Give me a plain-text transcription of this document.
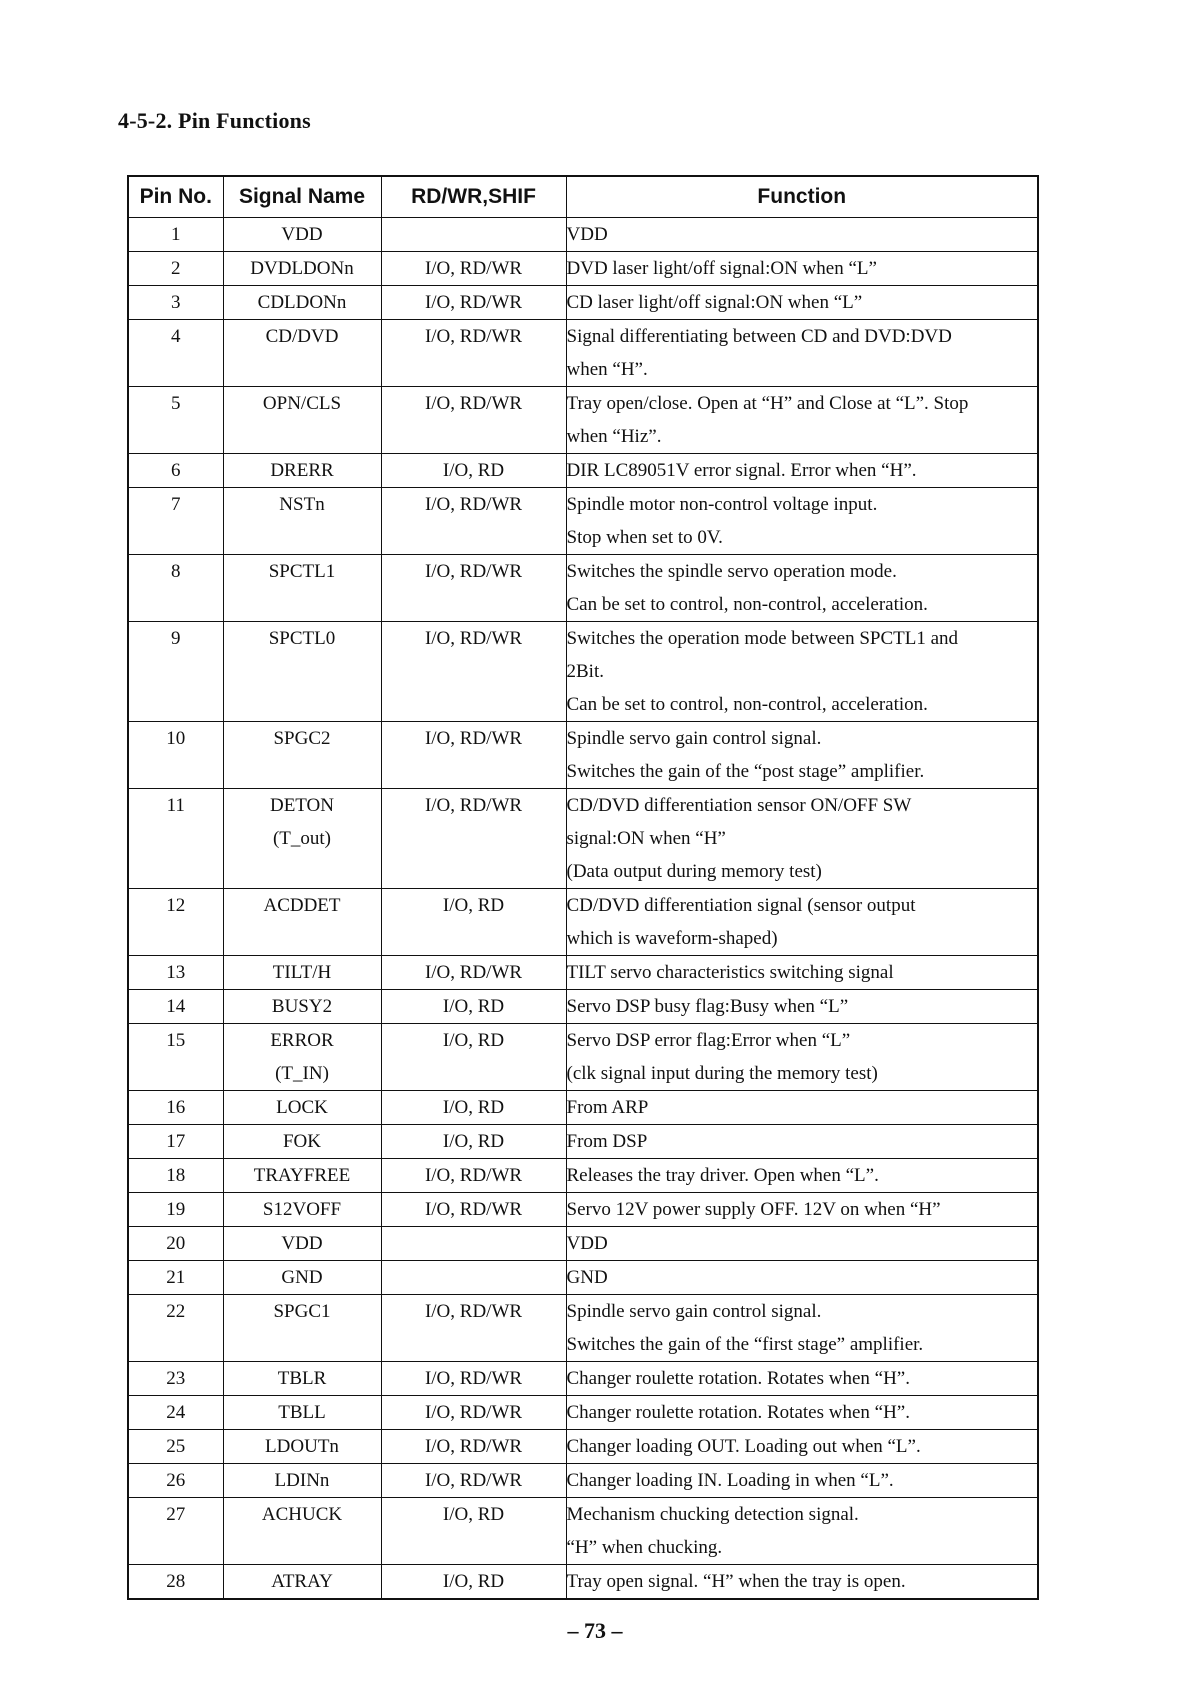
4-5-2. Pin Functions
Pin No.	Signal Name	RD/WR,SHIF	Function
1	VDD		VDD

2	DVDLDONn	I/O, RD/WR	DVD laser light/off signal:ON when “L”

3	CDLDONn	I/O, RD/WR	CD laser light/off signal:ON when “L”

4	CD/DVD	I/O, RD/WR	Signal differentiating between CD and DVD:DVD
when “H”.

5	OPN/CLS	I/O, RD/WR	Tray open/close. Open at “H” and Close at “L”. Stop
when “Hiz”.

6	DRERR	I/O, RD	DIR LC89051V error signal. Error when “H”.

7	NSTn	I/O, RD/WR	Spindle motor non-control voltage input.
Stop when set to 0V.

8	SPCTL1	I/O, RD/WR	Switches the spindle servo operation mode.
Can be set to control, non-control, acceleration.

9	SPCTL0	I/O, RD/WR	Switches the operation mode between SPCTL1 and
2Bit.
Can be set to control, non-control, acceleration.

10	SPGC2	I/O, RD/WR	Spindle servo gain control signal.
Switches the gain of the “post stage” amplifier.

11	DETON
(T_out)	I/O, RD/WR	CD/DVD differentiation sensor ON/OFF SW
signal:ON when “H”
(Data output during memory test)

12	ACDDET	I/O, RD	CD/DVD differentiation signal (sensor output
which is waveform-shaped)

13	TILT/H	I/O, RD/WR	TILT servo characteristics switching signal

14	BUSY2	I/O, RD	Servo DSP busy flag:Busy when “L”

15	ERROR
(T_IN)	I/O, RD	Servo DSP error flag:Error when “L”
(clk signal input during the memory test)

16	LOCK	I/O, RD	From ARP

17	FOK	I/O, RD	From DSP

18	TRAYFREE	I/O, RD/WR	Releases the tray driver. Open when “L”.

19	S12VOFF	I/O, RD/WR	Servo 12V power supply OFF. 12V on when “H”

20	VDD		VDD

21	GND		GND

22	SPGC1	I/O, RD/WR	Spindle servo gain control signal.
Switches the gain of the “first stage” amplifier.

23	TBLR	I/O, RD/WR	Changer roulette rotation. Rotates when “H”.

24	TBLL	I/O, RD/WR	Changer roulette rotation. Rotates when “H”.

25	LDOUTn	I/O, RD/WR	Changer loading OUT. Loading out when “L”.

26	LDINn	I/O, RD/WR	Changer loading IN. Loading in when “L”.

27	ACHUCK	I/O, RD	Mechanism chucking detection signal.
“H” when chucking.

28	ATRAY	I/O, RD	Tray open signal. “H” when the tray is open.
– 73 –
